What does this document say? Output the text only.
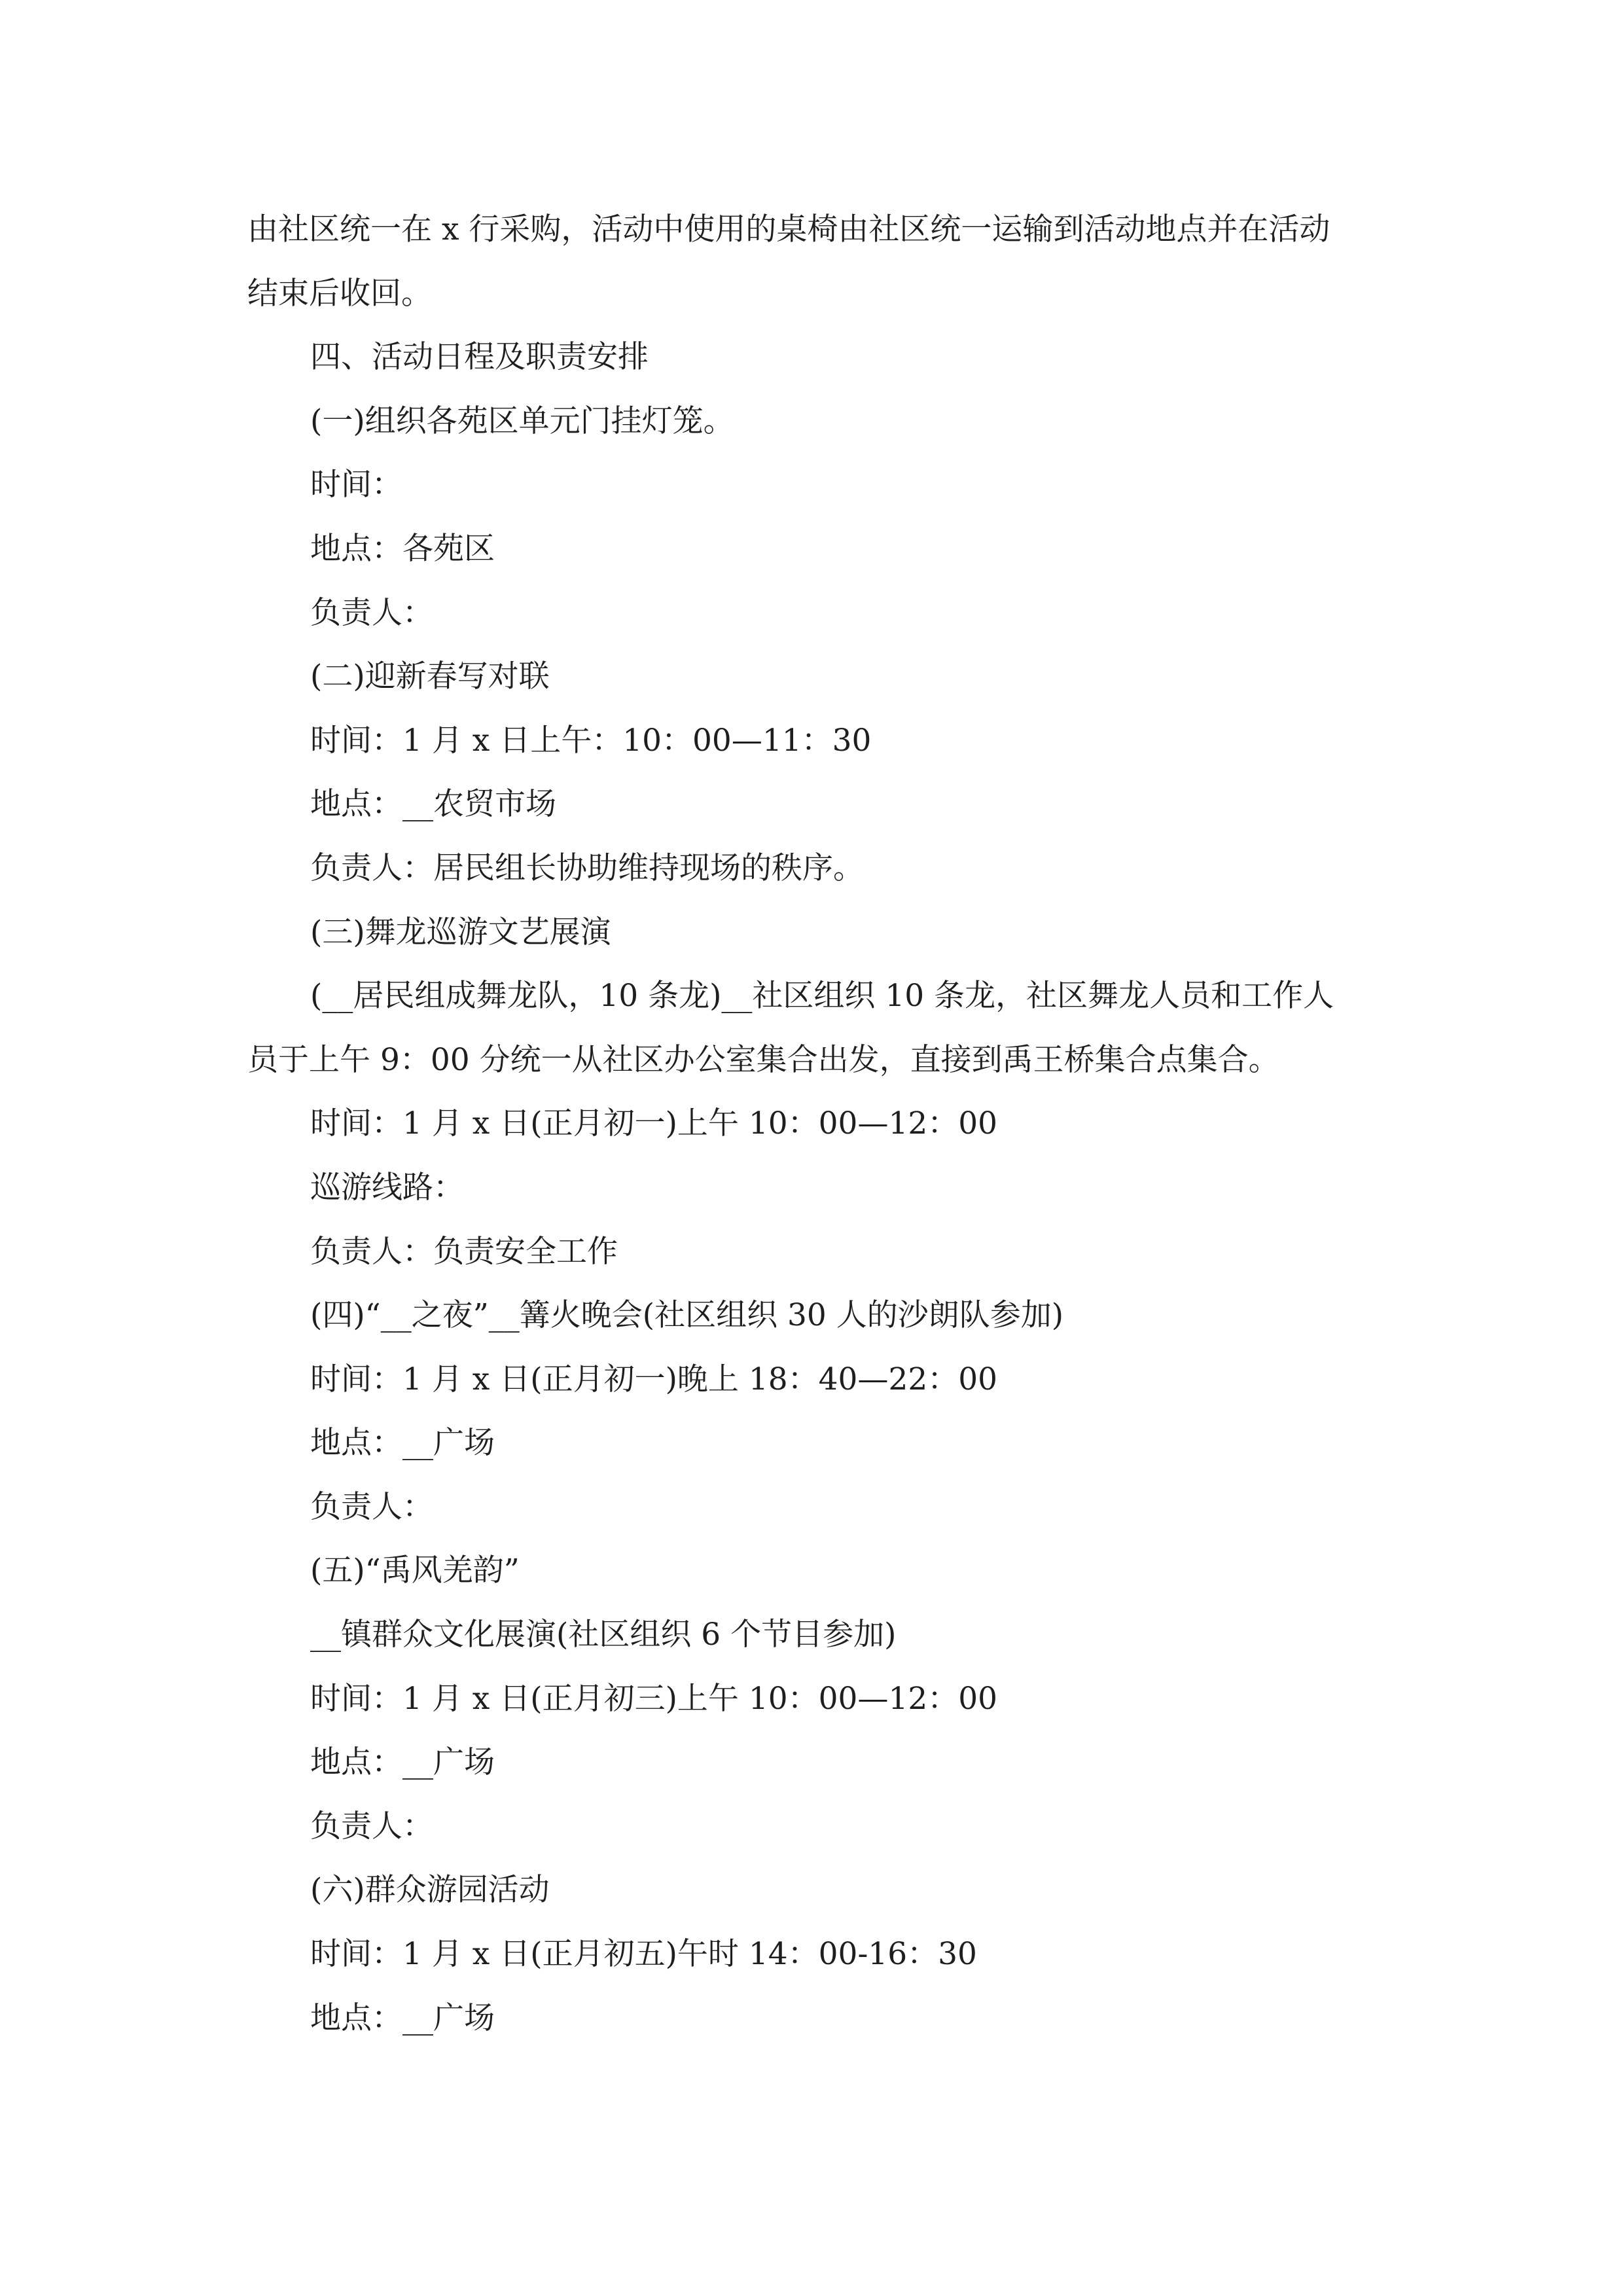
由社区统一在 x 行采购，活动中使用的桌椅由社区统一运输到活动地点并在活动
结束后收回。
四、活动日程及职责安排
(一)组织各苑区单元门挂灯笼。
时间：
地点：各苑区
负责人：
(二)迎新春写对联
时间：1 月 x 日上午：10：00—11：30
地点：__农贸市场
负责人：居民组长协助维持现场的秩序。
(三)舞龙巡游文艺展演
(__居民组成舞龙队，10 条龙)__社区组织 10 条龙，社区舞龙人员和工作人
员于上午 9：00 分统一从社区办公室集合出发，直接到禹王桥集合点集合。
时间：1 月 x 日(正月初一)上午 10：00—12：00
巡游线路：
负责人：负责安全工作
(四)“__之夜”__篝火晚会(社区组织 30 人的沙朗队参加)
时间：1 月 x 日(正月初一)晚上 18：40—22：00
地点：__广场
负责人：
(五)“禹风羌韵”
__镇群众文化展演(社区组织 6 个节目参加)
时间：1 月 x 日(正月初三)上午 10：00—12：00
地点：__广场
负责人：
(六)群众游园活动
时间：1 月 x 日(正月初五)午时 14：00-16：30
地点：__广场
